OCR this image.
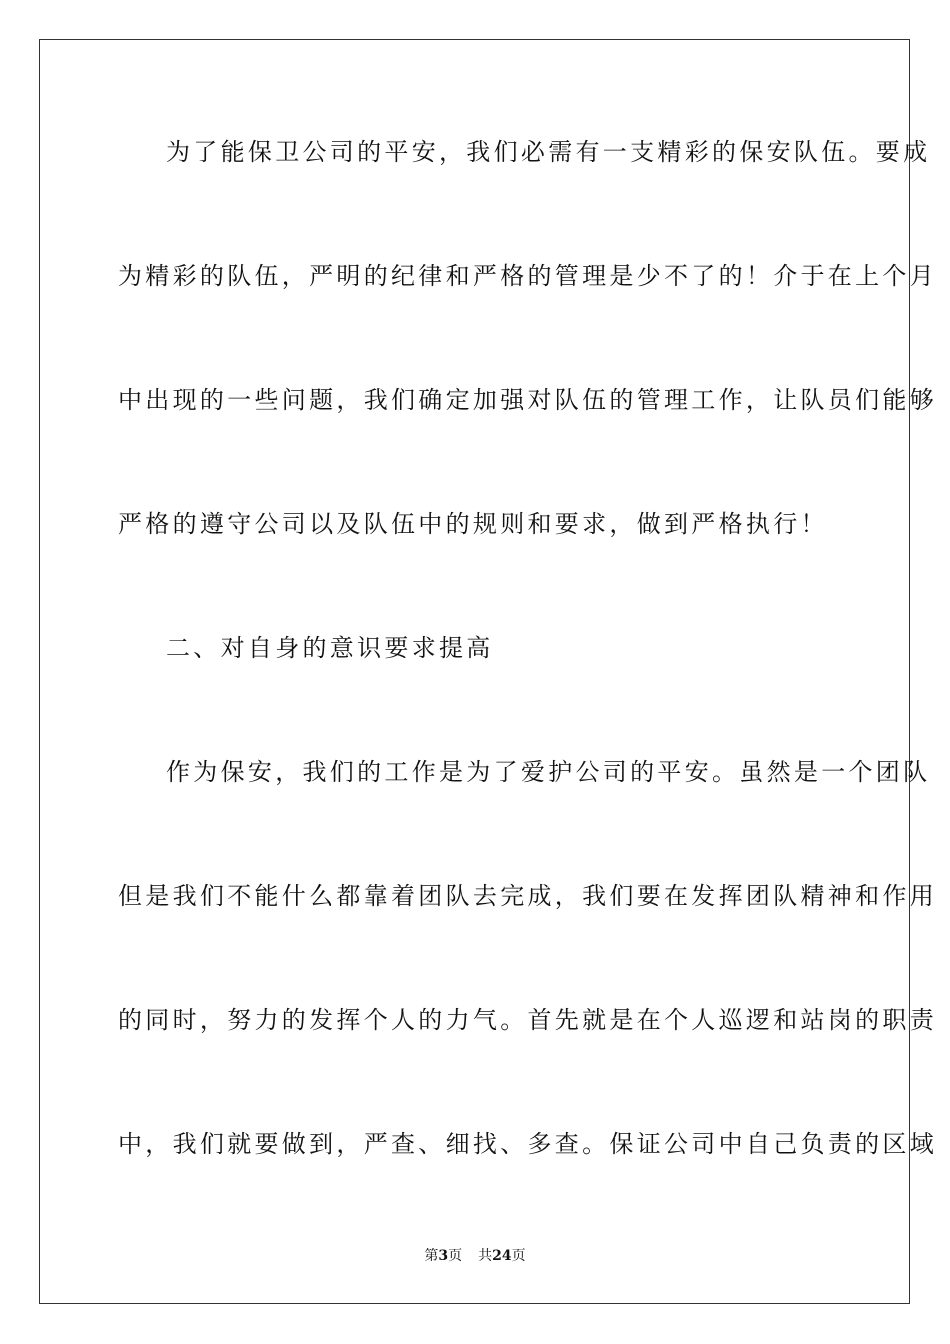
为了能保卫公司的平安，我们必需有一支精彩的保安队伍。要成
为精彩的队伍，严明的纪律和严格的管理是少不了的！介于在上个月
中出现的一些问题，我们确定加强对队伍的管理工作，让队员们能够
严格的遵守公司以及队伍中的规则和要求，做到严格执行！
二、对自身的意识要求提高
作为保安，我们的工作是为了爱护公司的平安。虽然是一个团队
但是我们不能什么都靠着团队去完成，我们要在发挥团队精神和作用
的同时，努力的发挥个人的力气。首先就是在个人巡逻和站岗的职责
中，我们就要做到，严查、细找、多查。保证公司中自己负责的区域
第3页 共24页
